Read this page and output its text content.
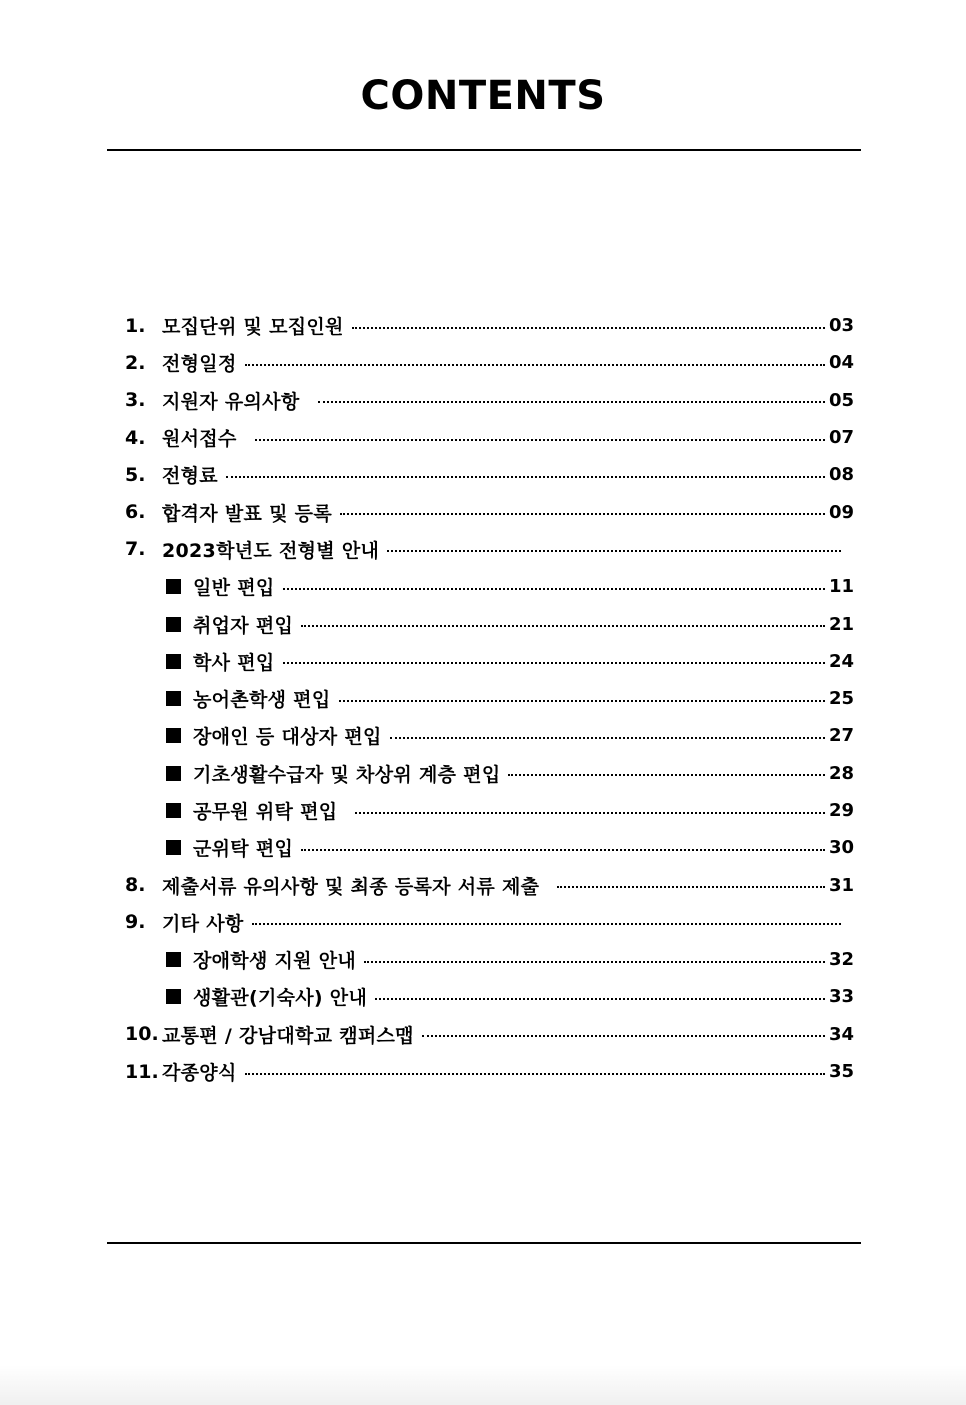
CONTENTS
1. 모집단위 및 모집인원	03
2. 전형일정	04
3. 지원자 유의사항	05
4. 원서접수	07
5. 전형료	08
6. 합격자 발표 및 등록	09
7. 2023학년도 전형별 안내
일반 편입	11
취업자 편입	21
학사 편입	24
농어촌학생 편입	25
장애인 등 대상자 편입	27
기초생활수급자 및 차상위 계층 편입	28
공무원 위탁 편입	29
군위탁 편입	30
8. 제출서류 유의사항 및 최종 등록자 서류 제출	31
9. 기타 사항
장애학생 지원 안내	32
생활관(기숙사) 안내	33
10. 교통편 / 강남대학교 캠퍼스맵	34
11. 각종양식	35
